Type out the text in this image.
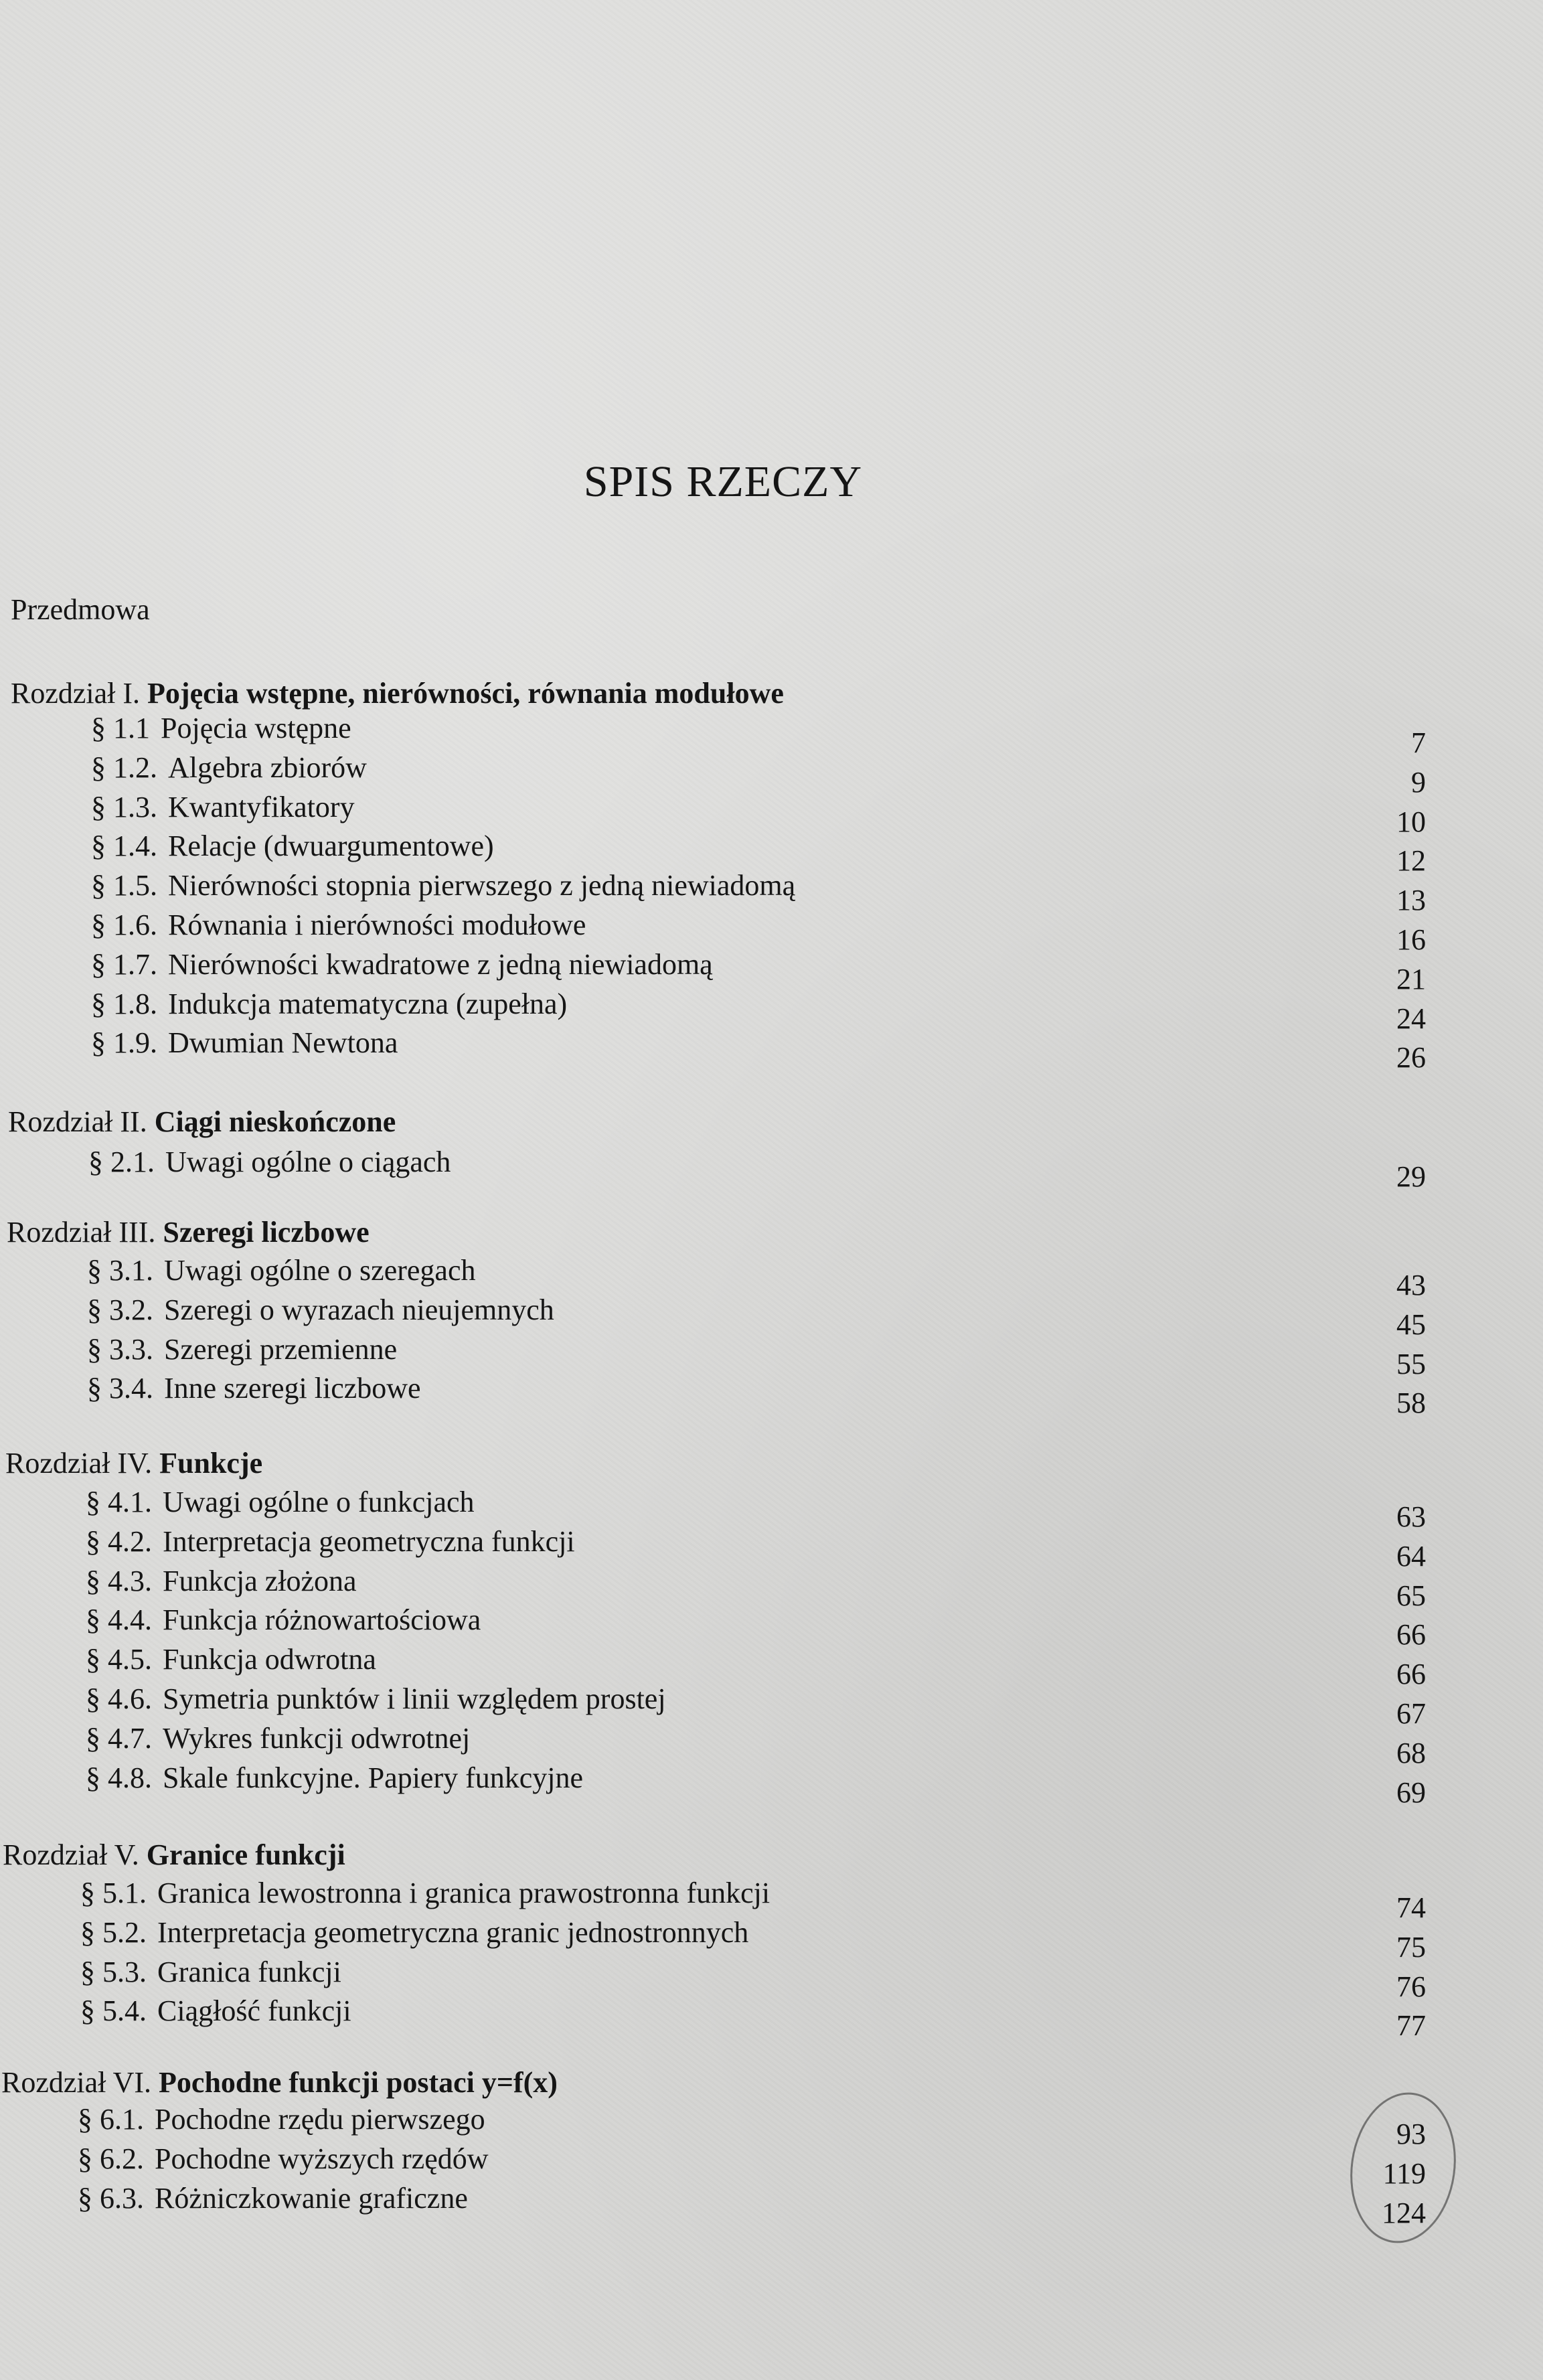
SPIS RZECZY

Przedmowa

Rozdział I. Pojęcia wstępne, nierówności, równania modułowe
§ 1.1 Pojęcia wstępne	7
§ 1.2. Algebra zbiorów	9
§ 1.3. Kwantyfikatory	10
§ 1.4. Relacje (dwuargumentowe)	12
§ 1.5. Nierówności stopnia pierwszego z jedną niewiadomą	13
§ 1.6. Równania i nierówności modułowe	16
§ 1.7. Nierówności kwadratowe z jedną niewiadomą	21
§ 1.8. Indukcja matematyczna (zupełna)	24
§ 1.9. Dwumian Newtona	26
Rozdział II. Ciągi nieskończone
§ 2.1. Uwagi ogólne o ciągach	29
Rozdział III. Szeregi liczbowe
§ 3.1. Uwagi ogólne o szeregach	43
§ 3.2. Szeregi o wyrazach nieujemnych	45
§ 3.3. Szeregi przemienne	55
§ 3.4. Inne szeregi liczbowe	58
Rozdział IV. Funkcje
§ 4.1. Uwagi ogólne o funkcjach	63
§ 4.2. Interpretacja geometryczna funkcji	64
§ 4.3. Funkcja złożona	65
§ 4.4. Funkcja różnowartościowa	66
§ 4.5. Funkcja odwrotna	66
§ 4.6. Symetria punktów i linii względem prostej	67
§ 4.7. Wykres funkcji odwrotnej	68
§ 4.8. Skale funkcyjne. Papiery funkcyjne	69
Rozdział V. Granice funkcji
§ 5.1. Granica lewostronna i granica prawostronna funkcji	74
§ 5.2. Interpretacja geometryczna granic jednostronnych	75
§ 5.3. Granica funkcji	76
§ 5.4. Ciągłość funkcji	77
Rozdział VI. Pochodne funkcji postaci y=f(x)
§ 6.1. Pochodne rzędu pierwszego	93
§ 6.2. Pochodne wyższych rzędów	119
§ 6.3. Różniczkowanie graficzne	124
